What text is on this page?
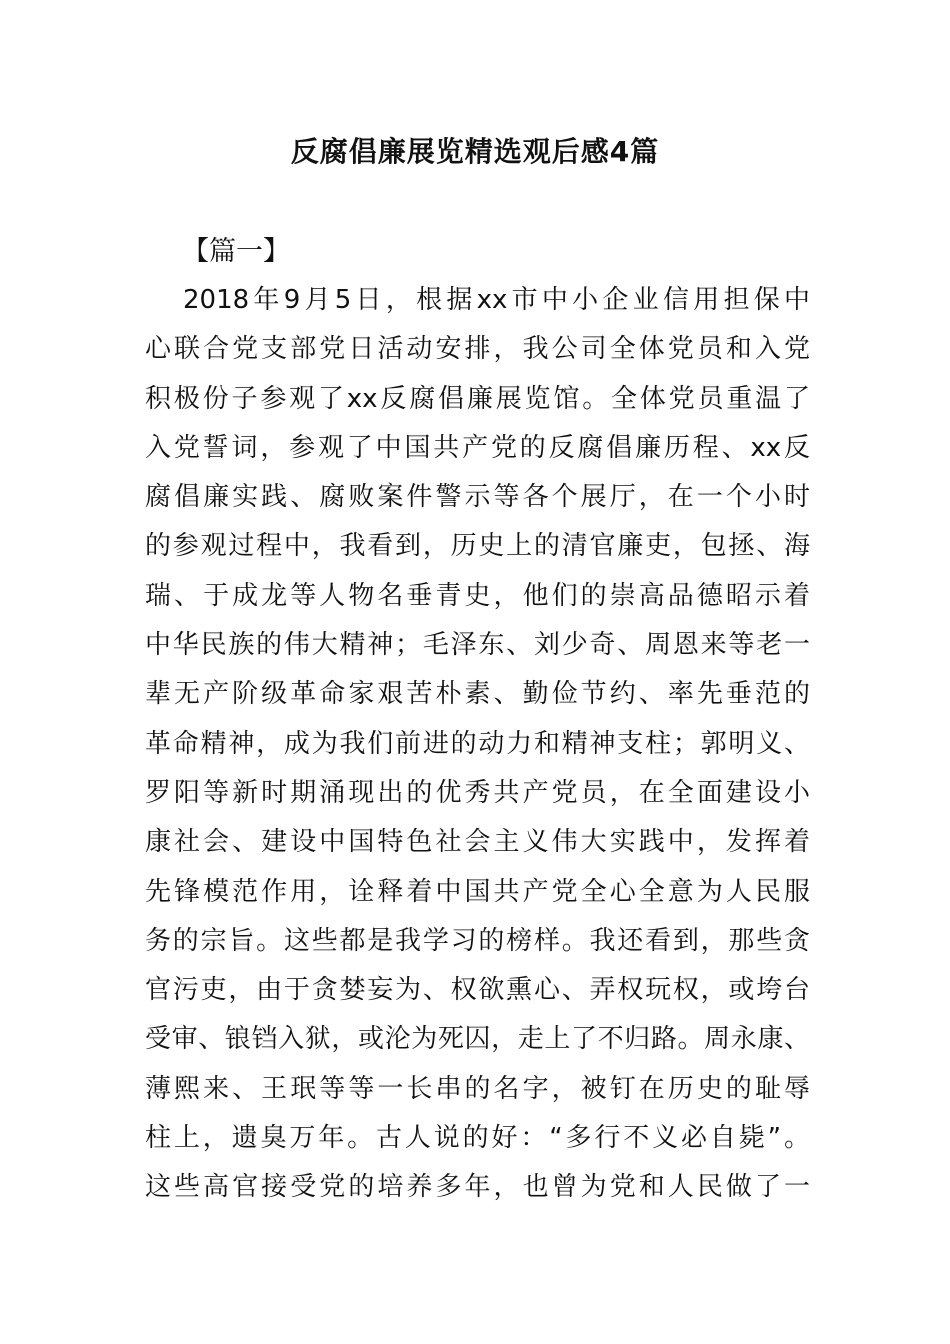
反腐倡廉展览精选观后感4篇
【篇一】
2018年9月5日，根据xx市中小企业信用担保中
心联合党支部党日活动安排，我公司全体党员和入党
积极份子参观了xx反腐倡廉展览馆。全体党员重温了
入党誓词，参观了中国共产党的反腐倡廉历程、xx反
腐倡廉实践、腐败案件警示等各个展厅，在一个小时
的参观过程中，我看到，历史上的清官廉吏，包拯、海
瑞、于成龙等人物名垂青史，他们的崇高品德昭示着
中华民族的伟大精神；毛泽东、刘少奇、周恩来等老一
辈无产阶级革命家艰苦朴素、勤俭节约、率先垂范的
革命精神，成为我们前进的动力和精神支柱；郭明义、
罗阳等新时期涌现出的优秀共产党员，在全面建设小
康社会、建设中国特色社会主义伟大实践中，发挥着
先锋模范作用，诠释着中国共产党全心全意为人民服
务的宗旨。这些都是我学习的榜样。我还看到，那些贪
官污吏，由于贪婪妄为、权欲熏心、弄权玩权，或垮台
受审、锒铛入狱，或沦为死囚，走上了不归路。周永康、
薄熙来、王珉等等一长串的名字，被钉在历史的耻辱
柱上，遗臭万年。古人说的好：“多行不义必自毙”。
这些高官接受党的培养多年，也曾为党和人民做了一
